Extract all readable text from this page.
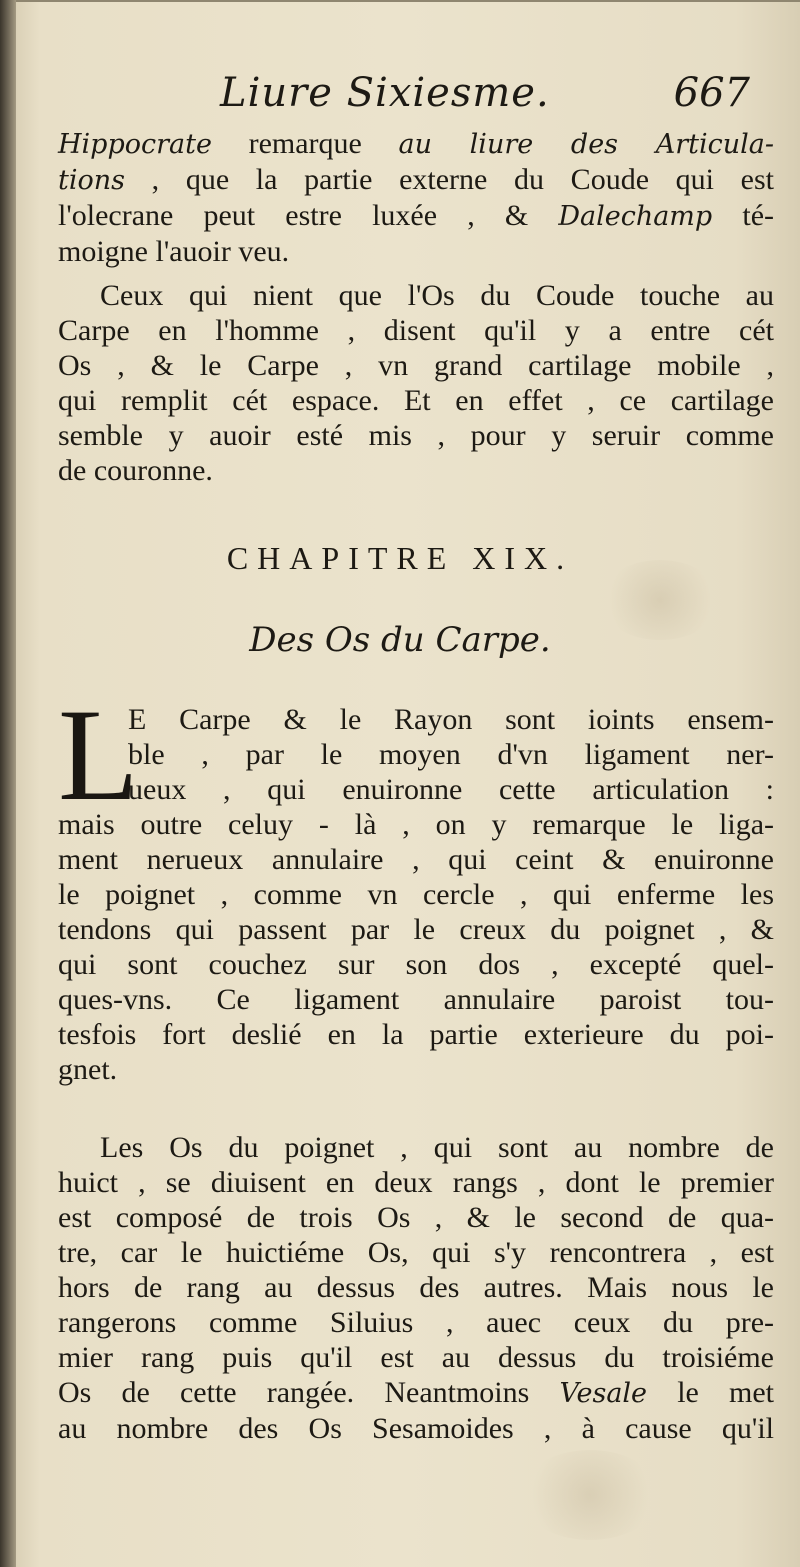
Liure Sixiesme.	667
Hippocrate remarque au liure des Articula-
tions , que la partie externe du Coude qui est
l'olecrane peut estre luxée , & Dalechamp té-
moigne l'auoir veu.
Ceux qui nient que l'Os du Coude touche au
Carpe en l'homme , disent qu'il y a entre cét
Os , & le Carpe , vn grand cartilage mobile ,
qui remplit cét espace. Et en effet , ce cartilage
semble y auoir esté mis , pour y seruir comme
de couronne.
CHAPITRE XIX.
Des Os du Carpe.
L
E Carpe & le Rayon sont ioints ensem-
ble , par le moyen d'vn ligament ner-
ueux , qui enuironne cette articulation :
mais outre celuy - là , on y remarque le liga-
ment nerueux annulaire , qui ceint & enuironne
le poignet , comme vn cercle , qui enferme les
tendons qui passent par le creux du poignet , &
qui sont couchez sur son dos , excepté quel-
ques-vns. Ce ligament annulaire paroist tou-
tesfois fort deslié en la partie exterieure du poi-
gnet.
Les Os du poignet , qui sont au nombre de
huict , se diuisent en deux rangs , dont le premier
est composé de trois Os , & le second de qua-
tre, car le huictiéme Os, qui s'y rencontrera , est
hors de rang au dessus des autres. Mais nous le
rangerons comme Siluius , auec ceux du pre-
mier rang puis qu'il est au dessus du troisiéme
Os de cette rangée. Neantmoins Vesale le met
au nombre des Os Sesamoides , à cause qu'il
